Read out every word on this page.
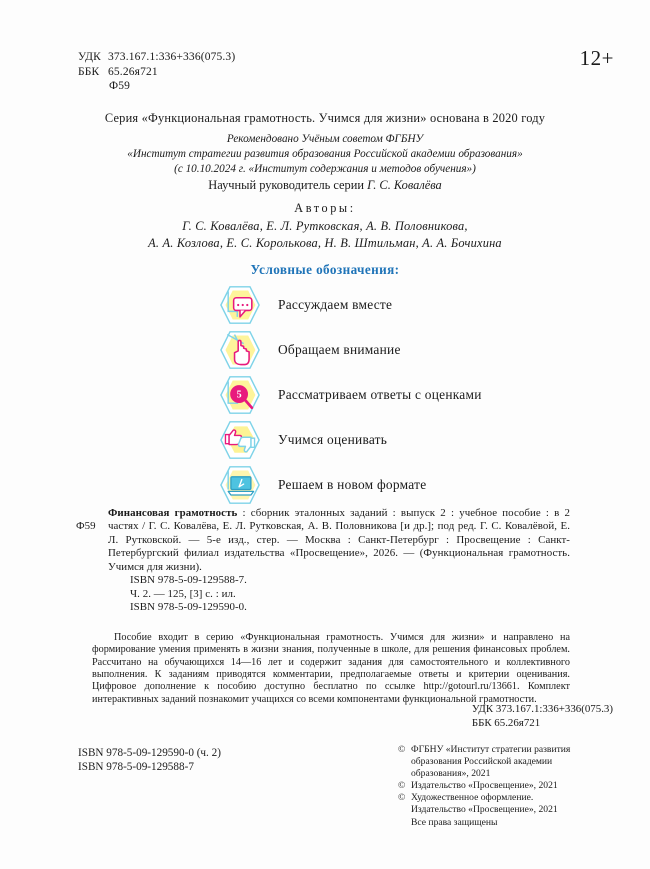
УДК 373.167.1:336+336(075.3)
ББК 65.26я721
Ф59
12+
Серия «Функциональная грамотность. Учимся для жизни» основана в 2020 году
Рекомендовано Учёным советом ФГБНУ
«Институт стратегии развития образования Российской академии образования»
(с 10.10.2024 г. «Институт содержания и методов обучения»)
Научный руководитель серии Г. С. Ковалёва
Авторы:
Г. С. Ковалёва, Е. Л. Рутковская, А. В. Половникова,
А. А. Козлова, Е. С. Королькова, Н. В. Штильман, А. А. Бочихина
Условные обозначения:
Рассуждаем вместе
Обращаем внимание
5	Рассматриваем ответы с оценками
Учимся оценивать
Решаем в новом формате
Ф59
Финансовая грамотность : сборник эталонных заданий : выпуск 2 : учебное пособие : в 2 частях / Г. С. Ковалёва, Е. Л. Рутковская, А. В. Половникова [и др.]; под ред. Г. С. Ковалёвой, Е. Л. Рутковской. — 5-е изд., стер. — Москва : Санкт-Петербург : Просвещение : Санкт-Петербургский филиал издательства «Просвещение», 2026. — (Функциональная грамотность. Учимся для жизни).
ISBN 978-5-09-129588-7.
Ч. 2. — 125, [3] с. : ил.
ISBN 978-5-09-129590-0.
Пособие входит в серию «Функциональная грамотность. Учимся для жизни» и направлено на формирование умения применять в жизни знания, полученные в школе, для решения финансовых проблем. Рассчитано на обучающихся 14—16 лет и содержит задания для самостоятельного и коллективного выполнения. К заданиям приводятся комментарии, предполагаемые ответы и критерии оценивания. Цифровое дополнение к пособию доступно бесплатно по ссылке http://gotourl.ru/13661. Комплект интерактивных заданий познакомит учащихся со всеми компонентами функциональной грамотности.
УДК 373.167.1:336+336(075.3)
ББК 65.26я721
ISBN 978-5-09-129590-0 (ч. 2)
ISBN 978-5-09-129588-7
© ФГБНУ «Институт стратегии развития
образования Российской академии
образования», 2021
© Издательство «Просвещение», 2021
© Художественное оформление.
Издательство «Просвещение», 2021
Все права защищены
